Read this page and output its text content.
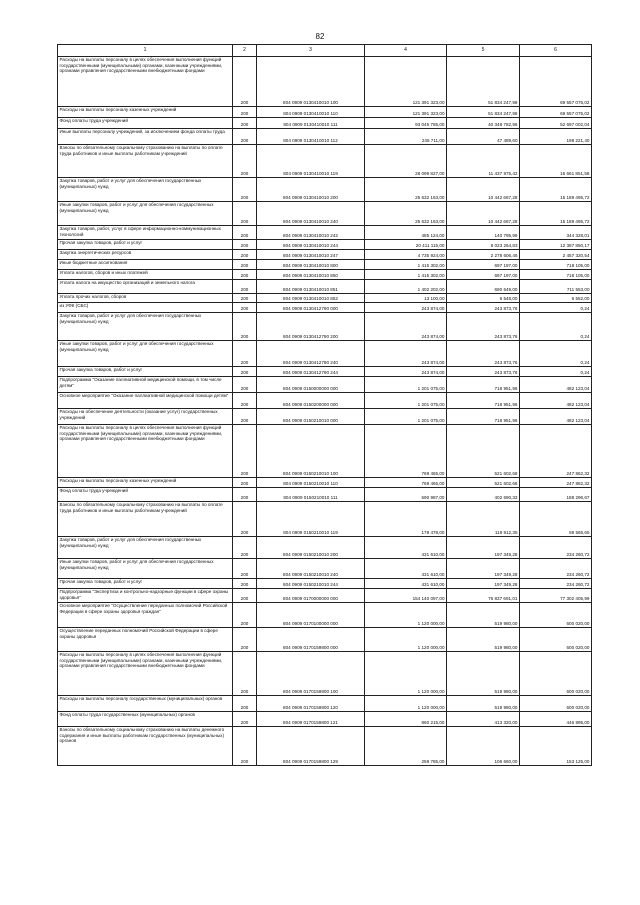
82
1	2	3	4	5	6
Расходы на выплаты персоналу в целях обеспечения выполнения функций государственными (муниципальными) органами, казенными учреждениями, органами управления государственными внебюджетными фондами	200	804 0909 0130410010 100	121 391 323,00	51 834 247,98	69 557 075,02
Расходы на выплаты персоналу казенных учреждений	200	804 0909 0130410010 110	121 391 323,00	51 834 247,98	69 557 075,02
Фонд оплаты труда учреждений	200	804 0909 0130410010 111	93 045 785,00	40 348 782,96	52 697 002,04
Иные выплаты персоналу учреждений, за исключением фонда оплаты труда	200	804 0909 0130410010 112	245 711,00	47 489,60	198 221,40
Взносы по обязательному социальному страхованию на выплаты по оплате труда работников и иные выплаты работникам учреждений	200	804 0909 0130410010 119	28 099 827,00	11 437 975,42	16 661 851,58
Закупка товаров, работ и услуг для обеспечения государственных (муниципальных) нужд	200	804 0909 0130410010 200	25 632 163,00	10 442 667,28	15 189 495,72
Иные закупки товаров, работ и услуг для обеспечения государственных (муниципальных) нужд	200	804 0909 0130410010 240	25 632 163,00	10 442 667,28	15 189 495,72
Закупка товаров, работ, услуг в сфере информационно-коммуникационных технологий	200	804 0909 0130410010 242	485 124,00	140 795,99	344 328,01
Прочая закупка товаров, работ и услуг	200	804 0909 0130410010 244	20 411 115,00	8 023 264,83	12 387 850,17
Закупка энергетических ресурсов	200	804 0909 0130410010 247	4 735 924,00	2 278 606,46	2 457 320,54
Иные бюджетные ассигнования	200	804 0909 0130410010 800	1 415 302,00	697 197,00	718 105,00
Уплата налогов, сборов и иных платежей	200	804 0909 0130410010 850	1 415 302,00	697 197,00	718 105,00
Уплата налога на имущество организаций и земельного налога	200	804 0909 0130410010 851	1 402 202,00	690 649,00	711 553,00
Уплата прочих налогов, сборов	200	804 0909 0130410010 852	13 100,00	6 548,00	6 552,00
из УФК (СБС)	200	804 0909 0130412790 000	243 874,00	243 873,76	0,24
Закупка товаров, работ и услуг для обеспечения государственных (муниципальных) нужд	200	804 0909 0130412790 200	243 874,00	243 873,76	0,24
Иные закупки товаров, работ и услуг для обеспечения государственных (муниципальных) нужд	200	804 0909 0130412790 240	243 874,00	243 873,76	0,24
Прочая закупка товаров, работ и услуг	200	804 0909 0130412790 244	243 874,00	243 873,76	0,24
Подпрограмма "Оказание паллиативной медицинской помощи, в том числе детям"	200	804 0909 0150000000 000	1 201 075,00	718 951,96	482 123,04
Основное мероприятие "Оказание паллиативной медицинской помощи детям"	200	804 0909 0150200000 000	1 201 075,00	718 951,96	482 123,04
Расходы на обеспечение деятельности (оказание услуг) государственных учреждений	200	804 0909 0150210010 000	1 201 075,00	718 951,96	482 123,04
Расходы на выплаты персоналу в целях обеспечения выполнения функций государственными (муниципальными) органами, казенными учреждениями, органами управления государственными внебюджетными фондами	200	804 0909 0150210010 100	769 465,00	521 602,68	247 862,32
Расходы на выплаты персоналу казенных учреждений	200	804 0909 0150210010 110	769 465,00	521 602,68	247 862,32
Фонд оплаты труда учреждений	200	804 0909 0150210010 111	590 987,00	402 690,33	188 296,67
Взносы по обязательному социальному страхованию на выплаты по оплате труда работников и иные выплаты работникам учреждений	200	804 0909 0150210010 119	178 478,00	118 912,35	59 565,65
Закупка товаров, работ и услуг для обеспечения государственных (муниципальных) нужд	200	804 0909 0150210010 200	431 610,00	197 349,28	234 260,72
Иные закупки товаров, работ и услуг для обеспечения государственных (муниципальных) нужд	200	804 0909 0150210010 240	431 610,00	197 349,28	234 260,72
Прочая закупка товаров, работ и услуг	200	804 0909 0150210010 244	431 610,00	197 349,28	234 260,72
Подпрограмма "Экспертиза и контрольно-надзорные функции в сфере охраны здоровья"	200	804 0909 0170000000 000	154 140 097,00	76 837 691,01	77 302 405,99
Основное мероприятие "Осуществление переданных полномочий Российской Федерации в сфере охраны здоровья граждан"	200	804 0909 0170100000 000	1 120 000,00	519 980,00	600 020,00
Осуществление переданных полномочий Российской Федерации в сфере охраны здоровья	200	804 0909 0170159800 000	1 120 000,00	519 980,00	600 020,00
Расходы на выплаты персоналу в целях обеспечения выполнения функций государственными (муниципальными) органами, казенными учреждениями, органами управления государственными внебюджетными фондами	200	804 0909 0170159800 100	1 120 000,00	519 980,00	600 020,00
Расходы на выплаты персоналу государственных (муниципальных) органов	200	804 0909 0170159800 120	1 120 000,00	519 980,00	600 020,00
Фонд оплаты труда государственных (муниципальных) органов	200	804 0909 0170159800 121	860 215,00	413 320,00	446 895,00
Взносы по обязательному социальному страхованию на выплаты денежного содержания и иные выплаты работникам государственных (муниципальных) органов	200	804 0909 0170159800 129	259 785,00	106 660,00	153 125,00
